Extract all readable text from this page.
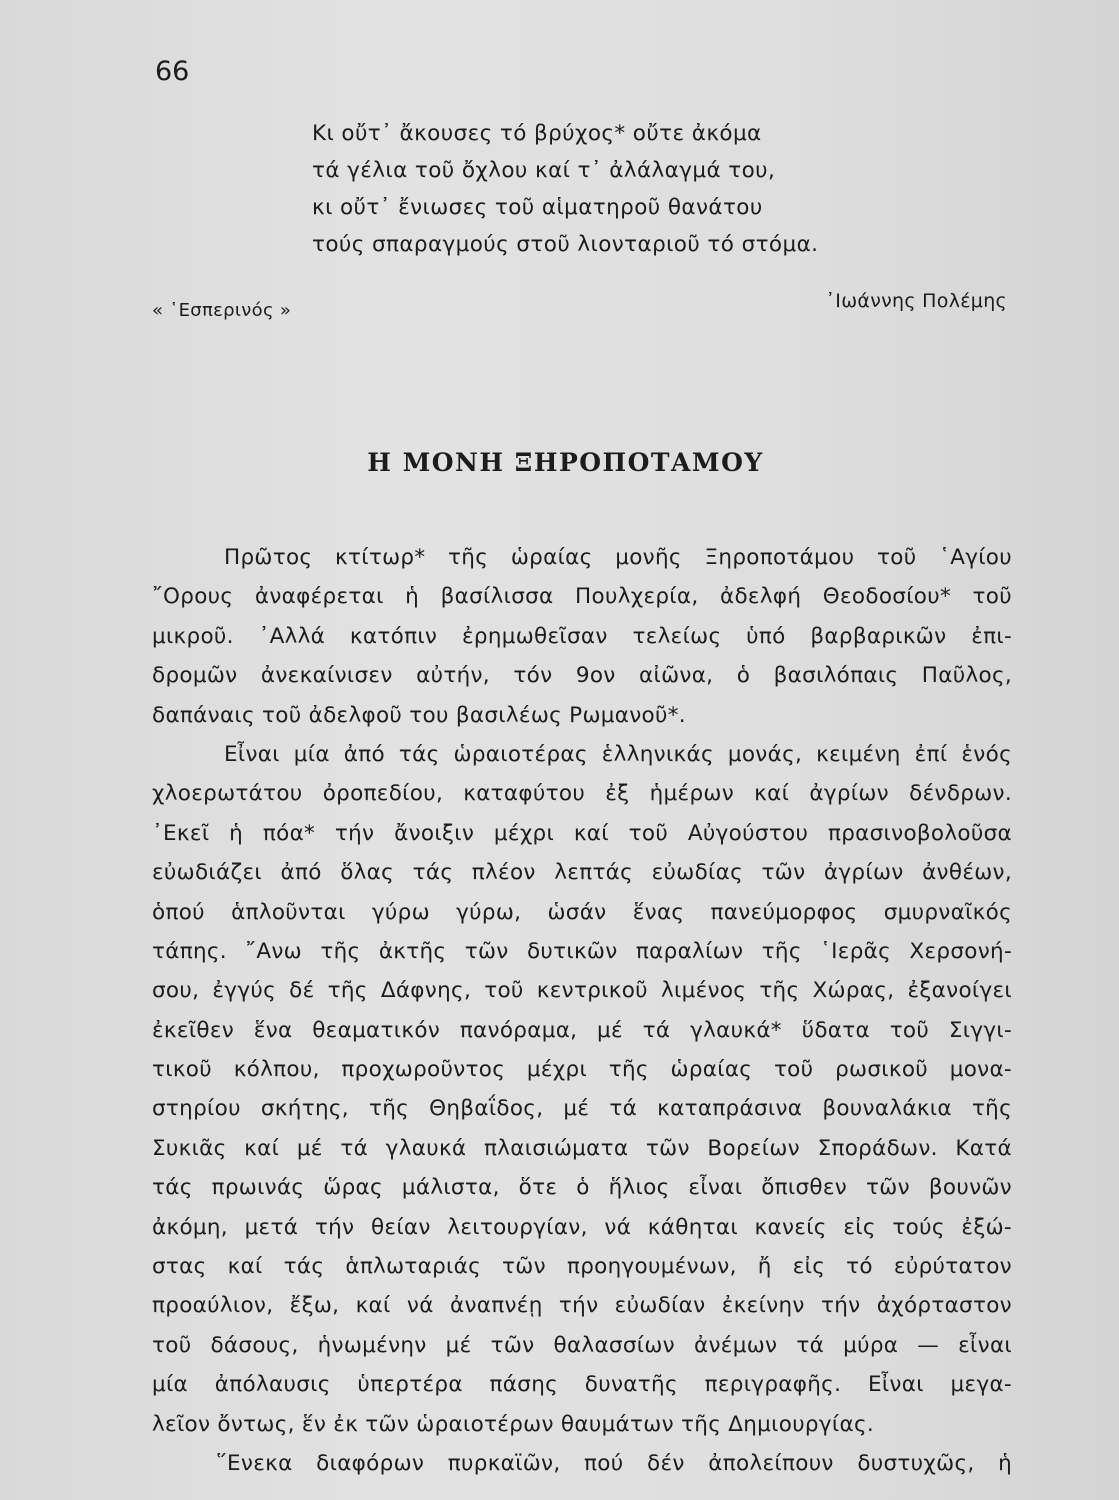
66
Κι οὔτ᾽ ἄκουσες τό βρύχος* οὔτε ἀκόμα
τά γέλια τοῦ ὄχλου καί τ᾽ ἀλάλαγμά του,
κι οὔτ᾽ ἔνιωσες τοῦ αἱματηροῦ θανάτου
τούς σπαραγμούς στοῦ λιονταριοῦ τό στόμα.
« ῾Εσπερινός »	᾽Ιωάννης Πολέμης
Η ΜΟΝΗ ΞΗΡΟΠΟΤΑΜΟΥ
Πρῶτος κτίτωρ* τῆς ὡραίας μονῆς Ξηροποτάμου τοῦ ῾Αγίου
῎Ορους ἀναφέρεται ἡ βασίλισσα Πουλχερία, ἀδελφή Θεοδοσίου* τοῦ
μικροῦ. ᾽Αλλά κατόπιν ἐρημωθεῖσαν τελείως ὑπό βαρβαρικῶν ἐπι-
δρομῶν ἀνεκαίνισεν αὐτήν, τόν 9ον αἰῶνα, ὁ βασιλόπαις Παῦλος,
δαπάναις τοῦ ἀδελφοῦ του βασιλέως Ρωμανοῦ*.
Εἶναι μία ἀπό τάς ὡραιοτέρας ἑλληνικάς μονάς, κειμένη ἐπί ἑνός
χλοερωτάτου ὀροπεδίου, καταφύτου ἐξ ἡμέρων καί ἀγρίων δένδρων.
᾽Εκεῖ ἡ πόα* τήν ἄνοιξιν μέχρι καί τοῦ Αὐγούστου πρασινοβολοῦσα
εὐωδιάζει ἀπό ὅλας τάς πλέον λεπτάς εὐωδίας τῶν ἀγρίων ἀνθέων,
ὁπού ἁπλοῦνται γύρω γύρω, ὡσάν ἕνας πανεύμορφος σμυρναῖκός
τάπης. ῎Ανω τῆς ἀκτῆς τῶν δυτικῶν παραλίων τῆς ῾Ιερᾶς Χερσονή-
σου, ἐγγύς δέ τῆς Δάφνης, τοῦ κεντρικοῦ λιμένος τῆς Χώρας, ἐξανοίγει
ἐκεῖθεν ἕνα θεαματικόν πανόραμα, μέ τά γλαυκά* ὕδατα τοῦ Σιγγι-
τικοῦ κόλπου, προχωροῦντος μέχρι τῆς ὡραίας τοῦ ρωσικοῦ μονα-
στηρίου σκήτης, τῆς Θηβαΐδος, μέ τά καταπράσινα βουναλάκια τῆς
Συκιᾶς καί μέ τά γλαυκά πλαισιώματα τῶν Βορείων Σποράδων. Κατά
τάς πρωινάς ὥρας μάλιστα, ὅτε ὁ ἥλιος εἶναι ὄπισθεν τῶν βουνῶν
ἀκόμη, μετά τήν θείαν λειτουργίαν, νά κάθηται κανείς εἰς τούς ἐξώ-
στας καί τάς ἁπλωταριάς τῶν προηγουμένων, ἤ εἰς τό εὐρύτατον
προαύλιον, ἔξω, καί νά ἀναπνέῃ τήν εὐωδίαν ἐκείνην τήν ἀχόρταστον
τοῦ δάσους, ἡνωμένην μέ τῶν θαλασσίων ἀνέμων τά μύρα — εἶναι
μία ἀπόλαυσις ὑπερτέρα πάσης δυνατῆς περιγραφῆς. Εἶναι μεγα-
λεῖον ὄντως, ἕν ἐκ τῶν ὡραιοτέρων θαυμάτων τῆς Δημιουργίας.
῞Ενεκα διαφόρων πυρκαϊῶν, πού δέν ἀπολείπουν δυστυχῶς, ἡ
